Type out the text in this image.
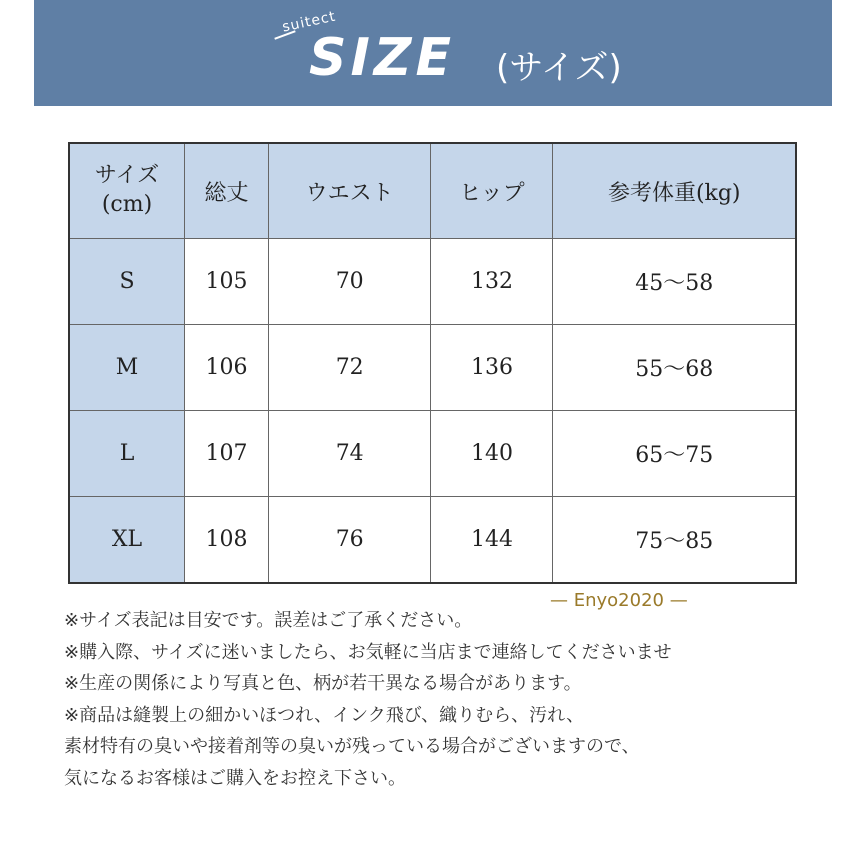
suitect
SIZE (サイズ)
サイズ
(cm)	総丈	ウエスト	ヒップ	参考体重(kg)
S	105	70	132	45〜58
M	106	72	136	55〜68
L	107	74	140	65〜75
XL	108	76	144	75〜85
— Enyo2020 —
※サイズ表記は目安です。誤差はご了承ください。
※購入際、サイズに迷いましたら、お気軽に当店まで連絡してくださいませ
※生産の関係により写真と色、柄が若干異なる場合があります。
※商品は縫製上の細かいほつれ、インク飛び、織りむら、汚れ、
素材特有の臭いや接着剤等の臭いが残っている場合がございますので、
気になるお客様はご購入をお控え下さい。
